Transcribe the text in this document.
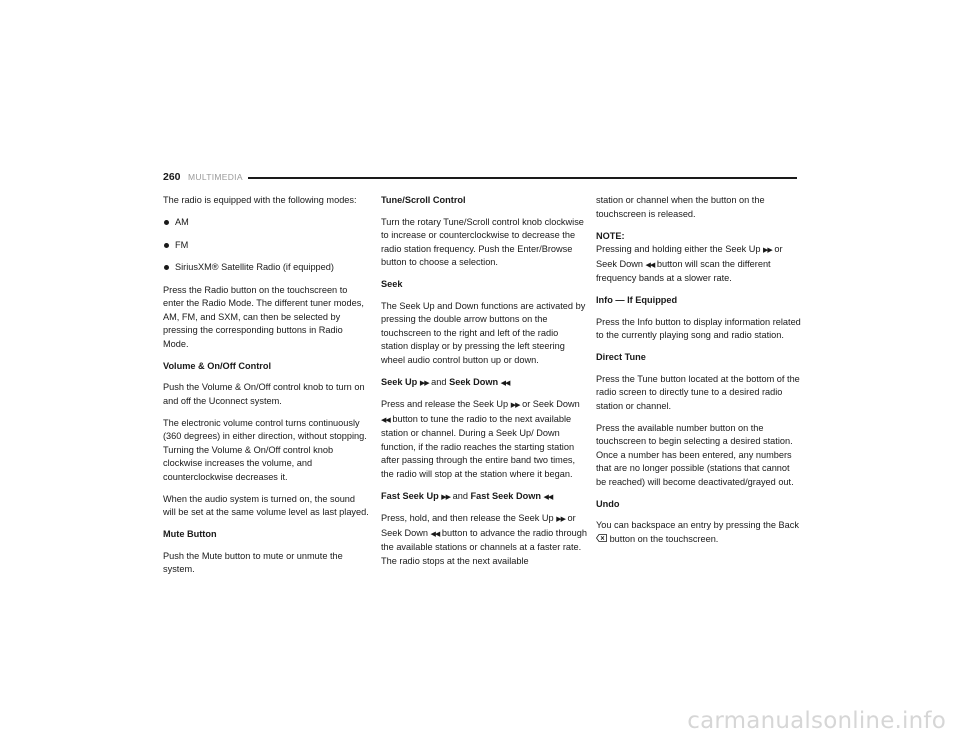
260 MULTIMEDIA

The radio is equipped with the following modes:

AM
FM
SiriusXM® Satellite Radio (if equipped)

Press the Radio button on the touchscreen to enter the Radio Mode. The different tuner modes, AM, FM, and SXM, can then be selected by pressing the corresponding buttons in Radio Mode.

Volume & On/Off Control

Push the Volume & On/Off control knob to turn on and off the Uconnect system.

The electronic volume control turns continuously (360 degrees) in either direction, without stopping. Turning the Volume & On/Off control knob clockwise increases the volume, and counterclockwise decreases it.

When the audio system is turned on, the sound will be set at the same volume level as last played.

Mute Button

Push the Mute button to mute or unmute the system.

Tune/Scroll Control

Turn the rotary Tune/Scroll control knob clockwise to increase or counterclockwise to decrease the radio station frequency. Push the Enter/Browse button to choose a selection.

Seek

The Seek Up and Down functions are activated by pressing the double arrow buttons on the touchscreen to the right and left of the radio station display or by pressing the left steering wheel audio control button up or down.

Seek Up ▶▶ and Seek Down ◀◀

Press and release the Seek Up ▶▶ or Seek Down ◀◀ button to tune the radio to the next available station or channel. During a Seek Up/ Down function, if the radio reaches the starting station after passing through the entire band two times, the radio will stop at the station where it began.

Fast Seek Up ▶▶ and Fast Seek Down ◀◀

Press, hold, and then release the Seek Up ▶▶ or Seek Down ◀◀ button to advance the radio through the available stations or channels at a faster rate. The radio stops at the next available

station or channel when the button on the touchscreen is released.

NOTE:
Pressing and holding either the Seek Up ▶▶ or Seek Down ◀◀ button will scan the different frequency bands at a slower rate.

Info — If Equipped

Press the Info button to display information related to the currently playing song and radio station.

Direct Tune

Press the Tune button located at the bottom of the radio screen to directly tune to a desired radio station or channel.

Press the available number button on the touchscreen to begin selecting a desired station. Once a number has been entered, any numbers that are no longer possible (stations that cannot be reached) will become deactivated/grayed out.

Undo

You can backspace an entry by pressing the Back  button on the touchscreen.

carmanualsonline.info
